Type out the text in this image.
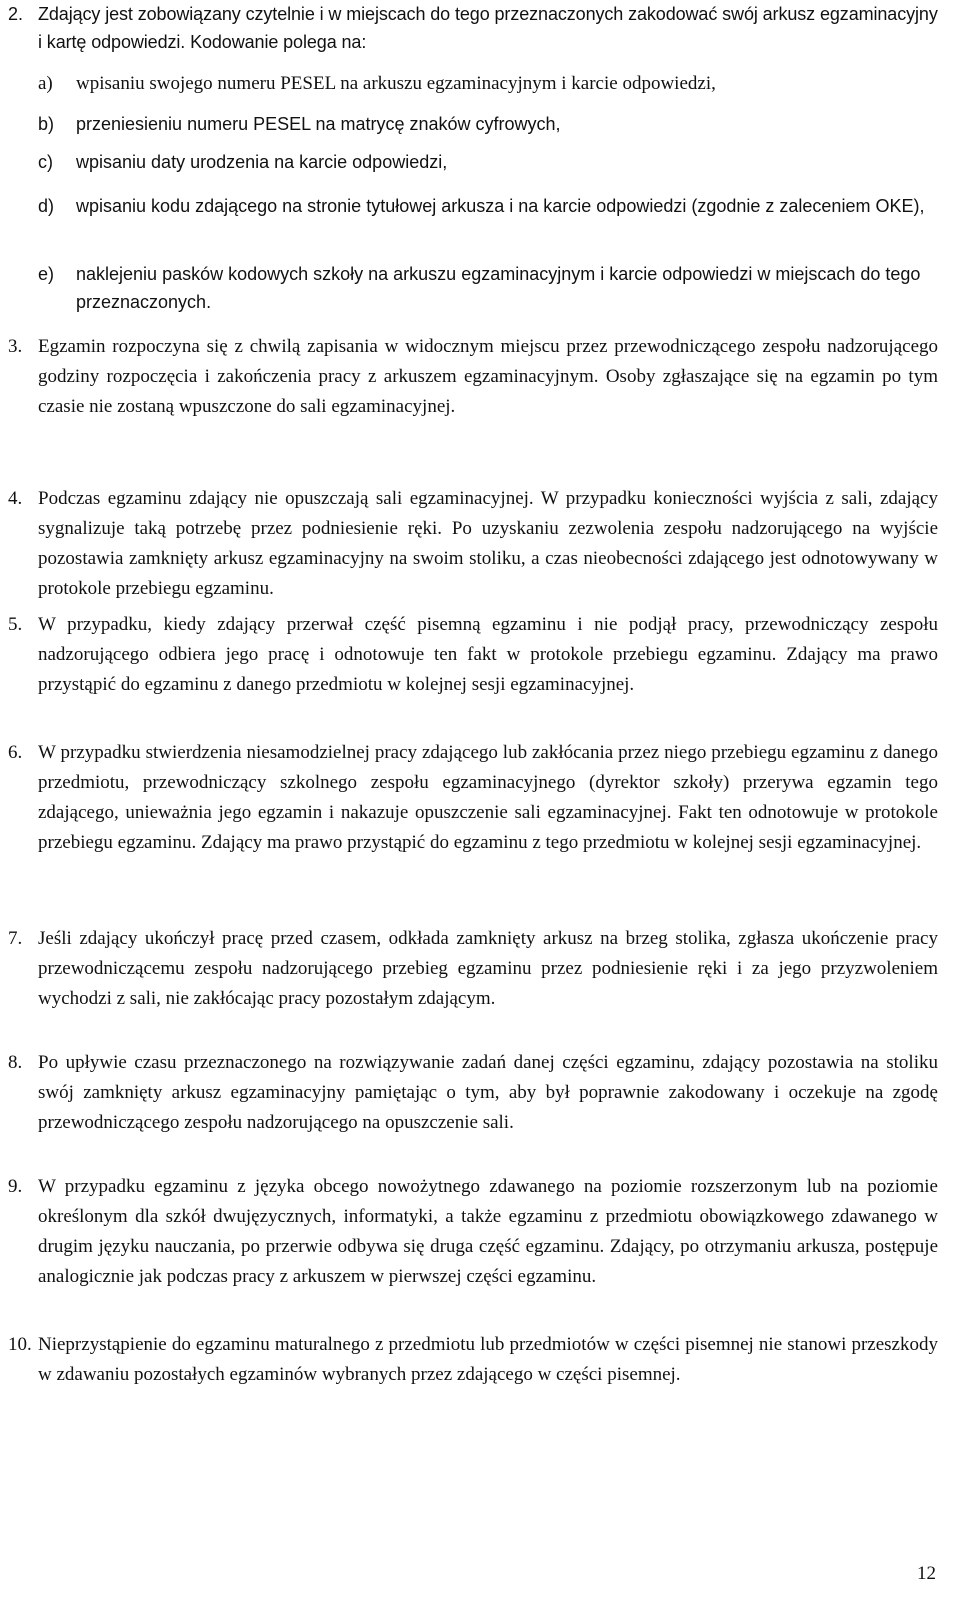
2. Zdający jest zobowiązany czytelnie i w miejscach do tego przeznaczonych zakodować swój arkusz egzaminacyjny i kartę odpowiedzi. Kodowanie polega na:

a)	wpisaniu swojego numeru PESEL na arkuszu egzaminacyjnym i karcie odpowiedzi,

b)	przeniesieniu numeru PESEL na matrycę znaków cyfrowych,

c)	wpisaniu daty urodzenia na karcie odpowiedzi,

d)	wpisaniu kodu zdającego na stronie tytułowej arkusza i na karcie odpowiedzi (zgodnie z zaleceniem OKE),

e)	naklejeniu pasków kodowych szkoły na arkuszu egzaminacyjnym i karcie odpowiedzi w miejscach do tego przeznaczonych.

3. Egzamin rozpoczyna się z chwilą zapisania w widocznym miejscu przez przewodniczącego zespołu nadzorującego godziny rozpoczęcia i zakończenia pracy z arkuszem egzaminacyjnym. Osoby zgłaszające się na egzamin po tym czasie nie zostaną wpuszczone do sali egzaminacyjnej.

4. Podczas egzaminu zdający nie opuszczają sali egzaminacyjnej. W przypadku konieczności wyjścia z sali, zdający sygnalizuje taką potrzebę przez podniesienie ręki. Po uzyskaniu zezwolenia zespołu nadzorującego na wyjście pozostawia zamknięty arkusz egzaminacyjny na swoim stoliku, a czas nieobecności zdającego jest odnotowywany w protokole przebiegu egzaminu.

5. W przypadku, kiedy zdający przerwał część pisemną egzaminu i nie podjął pracy, przewodniczący zespołu nadzorującego odbiera jego pracę i odnotowuje ten fakt w protokole przebiegu egzaminu. Zdający ma prawo przystąpić do egzaminu z danego przedmiotu w kolejnej sesji egzaminacyjnej.

6. W przypadku stwierdzenia niesamodzielnej pracy zdającego lub zakłócania przez niego przebiegu egzaminu z danego przedmiotu, przewodniczący szkolnego zespołu egzaminacyjnego (dyrektor szkoły) przerywa egzamin tego zdającego, unieważnia jego egzamin i nakazuje opuszczenie sali egzaminacyjnej. Fakt ten odnotowuje w protokole przebiegu egzaminu. Zdający ma prawo przystąpić do egzaminu z tego przedmiotu w kolejnej sesji egzaminacyjnej.

7. Jeśli zdający ukończył pracę przed czasem, odkłada zamknięty arkusz na brzeg stolika, zgłasza ukończenie pracy przewodniczącemu zespołu nadzorującego przebieg egzaminu przez podniesienie ręki i za jego przyzwoleniem wychodzi z sali, nie zakłócając pracy pozostałym zdającym.

8. Po upływie czasu przeznaczonego na rozwiązywanie zadań danej części egzaminu, zdający pozostawia na stoliku swój zamknięty arkusz egzaminacyjny pamiętając o tym, aby był poprawnie zakodowany i oczekuje na zgodę przewodniczącego zespołu nadzorującego na opuszczenie sali.

9. W przypadku egzaminu z języka obcego nowożytnego zdawanego na poziomie rozszerzonym lub na poziomie określonym dla szkół dwujęzycznych, informatyki, a także egzaminu z przedmiotu obowiązkowego zdawanego w drugim języku nauczania, po przerwie odbywa się druga część egzaminu. Zdający, po otrzymaniu arkusza, postępuje analogicznie jak podczas pracy z arkuszem w pierwszej części egzaminu.

10. Nieprzystąpienie do egzaminu maturalnego z przedmiotu lub przedmiotów w części pisemnej nie stanowi przeszkody w zdawaniu pozostałych egzaminów wybranych przez zdającego w części pisemnej.

12
